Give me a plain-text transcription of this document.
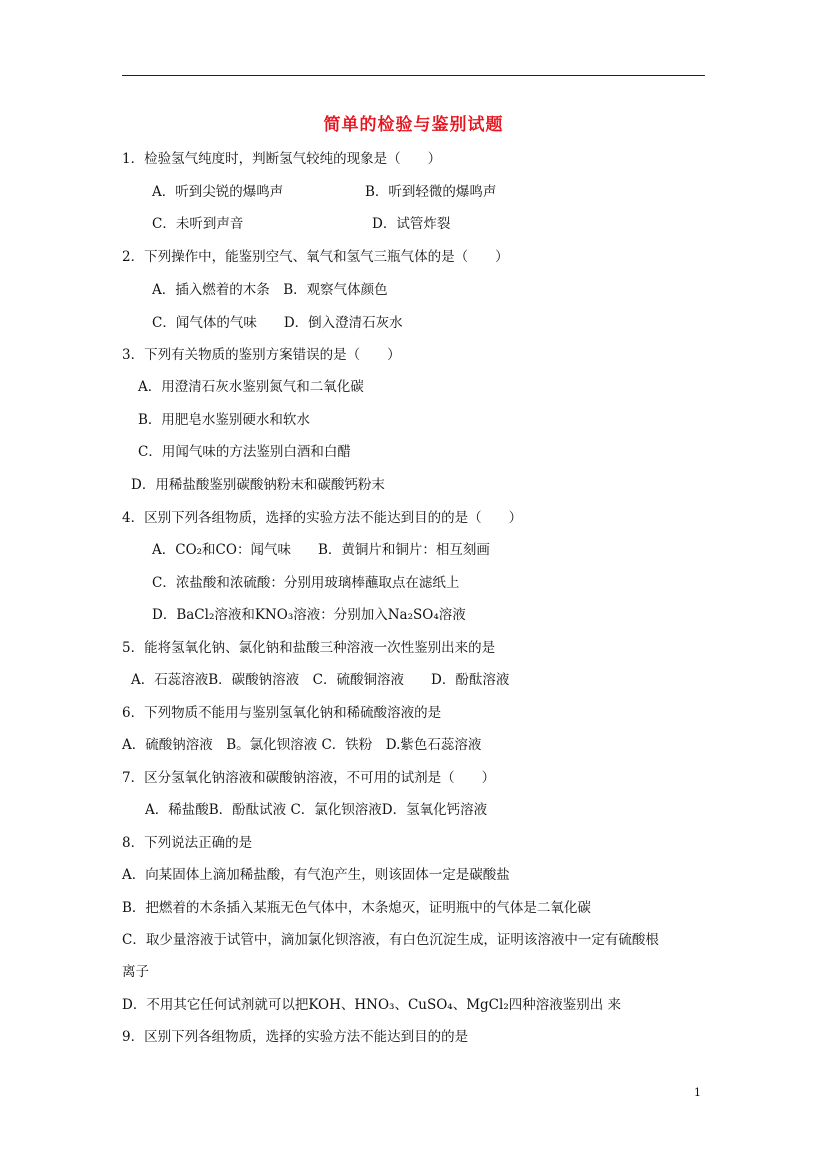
简单的检验与鉴别试题
1．检验氢气纯度时，判断氢气较纯的现象是（　　）
A．听到尖锐的爆鸣声	B．听到轻微的爆鸣声
C．未听到声音	D．试管炸裂
2．下列操作中，能鉴别空气、氧气和氢气三瓶气体的是（　　）
A．插入燃着的木条　B．观察气体颜色
C．闻气体的气味　　D．倒入澄清石灰水
3．下列有关物质的鉴别方案错误的是（　　）
A．用澄清石灰水鉴别氮气和二氧化碳
B．用肥皂水鉴别硬水和软水
C．用闻气味的方法鉴别白酒和白醋
D．用稀盐酸鉴别碳酸钠粉末和碳酸钙粉末
4．区别下列各组物质，选择的实验方法不能达到目的的是（　　）
A．CO₂和CO：闻气味　　B．黄铜片和铜片：相互刻画
C．浓盐酸和浓硫酸：分别用玻璃棒蘸取点在滤纸上
D．BaCl₂溶液和KNO₃溶液：分别加入Na₂SO₄溶液
5．能将氢氧化钠、氯化钠和盐酸三种溶液一次性鉴别出来的是
A．石蕊溶液B．碳酸钠溶液　C．硫酸铜溶液　　D．酚酞溶液
6．下列物质不能用与鉴别氢氧化钠和稀硫酸溶液的是
A．硫酸钠溶液　B。氯化钡溶液 C．铁粉　D.紫色石蕊溶液
7．区分氢氧化钠溶液和碳酸钠溶液，不可用的试剂是（　　）
A．稀盐酸B．酚酞试液 C．氯化钡溶液D．氢氧化钙溶液
8．下列说法正确的是
A．向某固体上滴加稀盐酸，有气泡产生，则该固体一定是碳酸盐
B．把燃着的木条插入某瓶无色气体中，木条熄灭，证明瓶中的气体是二氧化碳
C．取少量溶液于试管中，滴加氯化钡溶液，有白色沉淀生成，证明该溶液中一定有硫酸根
离子
D．不用其它任何试剂就可以把KOH、HNO₃、CuSO₄、MgCl₂四种溶液鉴别出 来
9．区别下列各组物质，选择的实验方法不能达到目的的是
1
